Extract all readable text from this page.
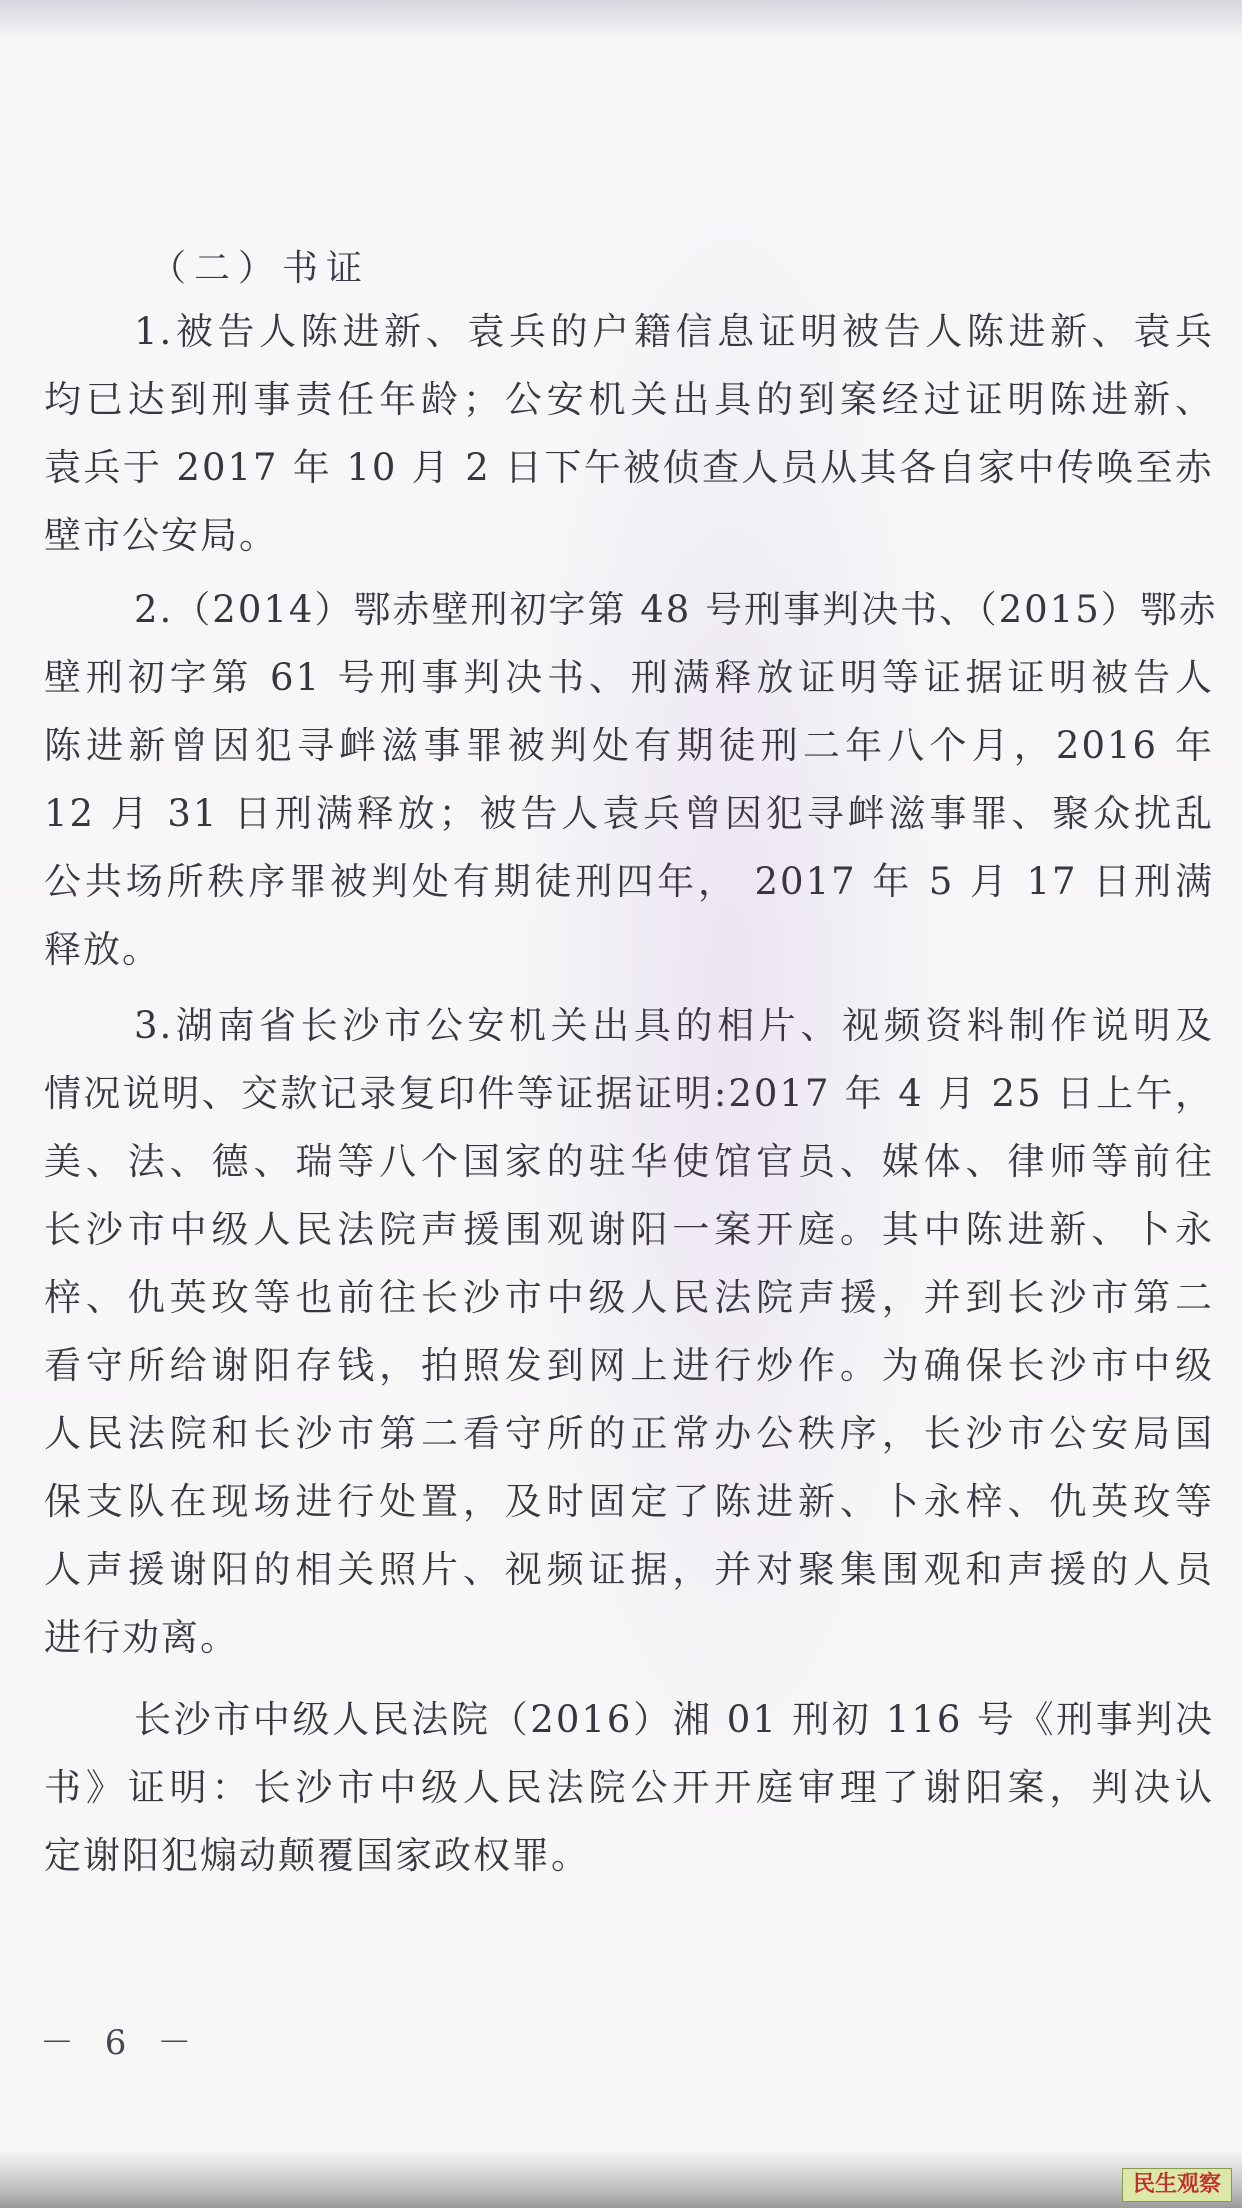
（二）书证
1.被告人陈进新、袁兵的户籍信息证明被告人陈进新、袁兵
均已达到刑事责任年龄；公安机关出具的到案经过证明陈进新、
袁兵于 2017 年 10 月 2 日下午被侦查人员从其各自家中传唤至赤
壁市公安局。
2.（2014）鄂赤壁刑初字第 48 号刑事判决书、（2015）鄂赤
壁刑初字第 61 号刑事判决书、刑满释放证明等证据证明被告人
陈进新曾因犯寻衅滋事罪被判处有期徒刑二年八个月，2016 年
12 月 31 日刑满释放；被告人袁兵曾因犯寻衅滋事罪、聚众扰乱
公共场所秩序罪被判处有期徒刑四年， 2017 年 5 月 17 日刑满
释放。
3.湖南省长沙市公安机关出具的相片、视频资料制作说明及
情况说明、交款记录复印件等证据证明:2017 年 4 月 25 日上午，
美、法、德、瑞等八个国家的驻华使馆官员、媒体、律师等前往
长沙市中级人民法院声援围观谢阳一案开庭。其中陈进新、卜永
梓、仇英玫等也前往长沙市中级人民法院声援，并到长沙市第二
看守所给谢阳存钱，拍照发到网上进行炒作。为确保长沙市中级
人民法院和长沙市第二看守所的正常办公秩序，长沙市公安局国
保支队在现场进行处置，及时固定了陈进新、卜永梓、仇英玫等
人声援谢阳的相关照片、视频证据，并对聚集围观和声援的人员
进行劝离。
长沙市中级人民法院（2016）湘 01 刑初 116 号《刑事判决
书》证明：长沙市中级人民法院公开开庭审理了谢阳案，判决认
定谢阳犯煽动颠覆国家政权罪。
－ 6 －
民生观察
